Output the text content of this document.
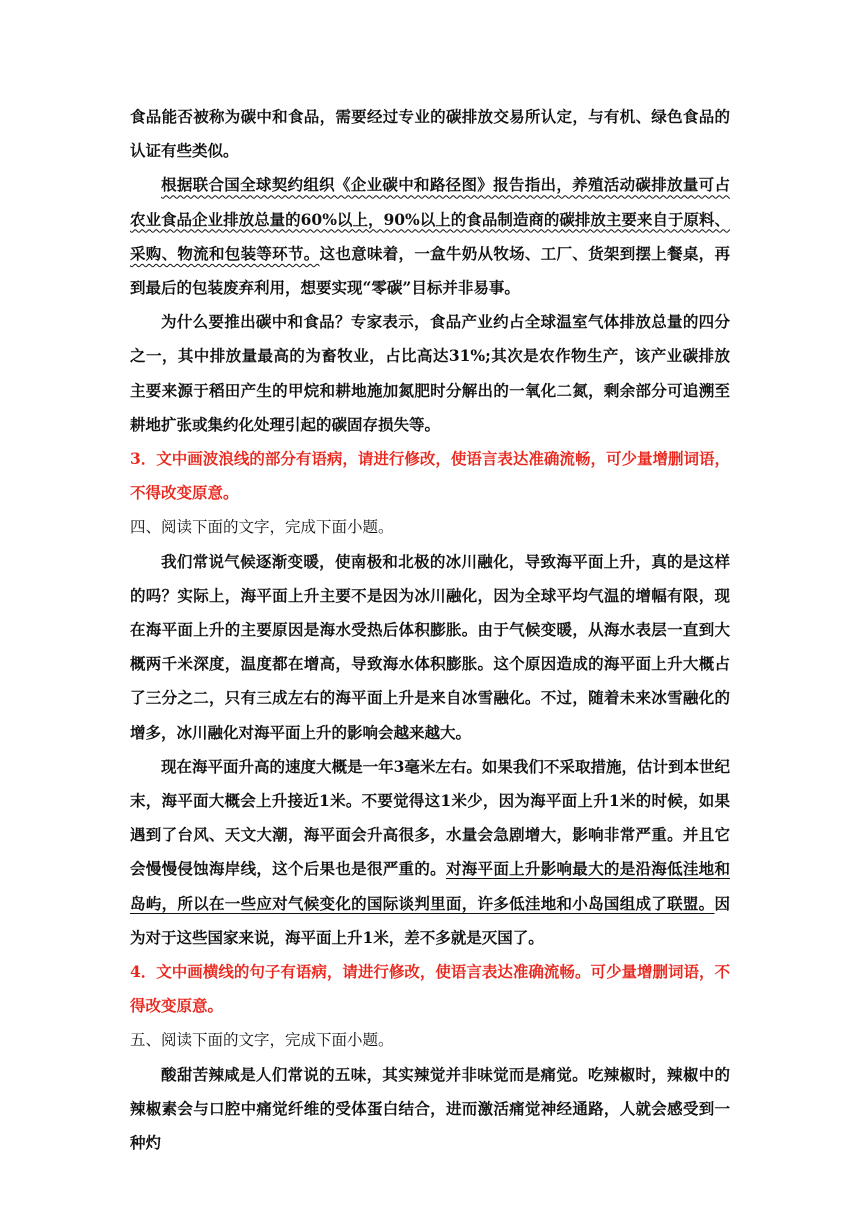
食品能否被称为碳中和食品，需要经过专业的碳排放交易所认定，与有机、绿色食品的认证有些类似。

根据联合国全球契约组织《企业碳中和路径图》报告指出，养殖活动碳排放量可占农业食品企业排放总量的60%以上，90%以上的食品制造商的碳排放主要来自于原料、采购、物流和包装等环节。这也意味着，一盒牛奶从牧场、工厂、货架到摆上餐桌，再到最后的包装废弃利用，想要实现“零碳”目标并非易事。

为什么要推出碳中和食品？专家表示，食品产业约占全球温室气体排放总量的四分之一，其中排放量最高的为畜牧业，占比高达31%;其次是农作物生产，该产业碳排放主要来源于稻田产生的甲烷和耕地施加氮肥时分解出的一氧化二氮，剩余部分可追溯至耕地扩张或集约化处理引起的碳固存损失等。

3．文中画波浪线的部分有语病，请进行修改，使语言表达准确流畅，可少量增删词语，不得改变原意。

四、阅读下面的文字，完成下面小题。

我们常说气候逐渐变暖，使南极和北极的冰川融化，导致海平面上升，真的是这样的吗？实际上，海平面上升主要不是因为冰川融化，因为全球平均气温的增幅有限，现在海平面上升的主要原因是海水受热后体积膨胀。由于气候变暖，从海水表层一直到大概两千米深度，温度都在增高，导致海水体积膨胀。这个原因造成的海平面上升大概占了三分之二，只有三成左右的海平面上升是来自冰雪融化。不过，随着未来冰雪融化的增多，冰川融化对海平面上升的影响会越来越大。

现在海平面升高的速度大概是一年3毫米左右。如果我们不采取措施，估计到本世纪末，海平面大概会上升接近1米。不要觉得这1米少，因为海平面上升1米的时候，如果遇到了台风、天文大潮，海平面会升高很多，水量会急剧增大，影响非常严重。并且它会慢慢侵蚀海岸线，这个后果也是很严重的。对海平面上升影响最大的是沿海低洼地和岛屿，所以在一些应对气候变化的国际谈判里面，许多低洼地和小岛国组成了联盟。因为对于这些国家来说，海平面上升1米，差不多就是灭国了。

4．文中画横线的句子有语病，请进行修改，使语言表达准确流畅。可少量增删词语，不得改变原意。

五、阅读下面的文字，完成下面小题。

酸甜苦辣咸是人们常说的五味，其实辣觉并非味觉而是痛觉。吃辣椒时，辣椒中的辣椒素会与口腔中痛觉纤维的受体蛋白结合，进而激活痛觉神经通路，人就会感受到一种灼
